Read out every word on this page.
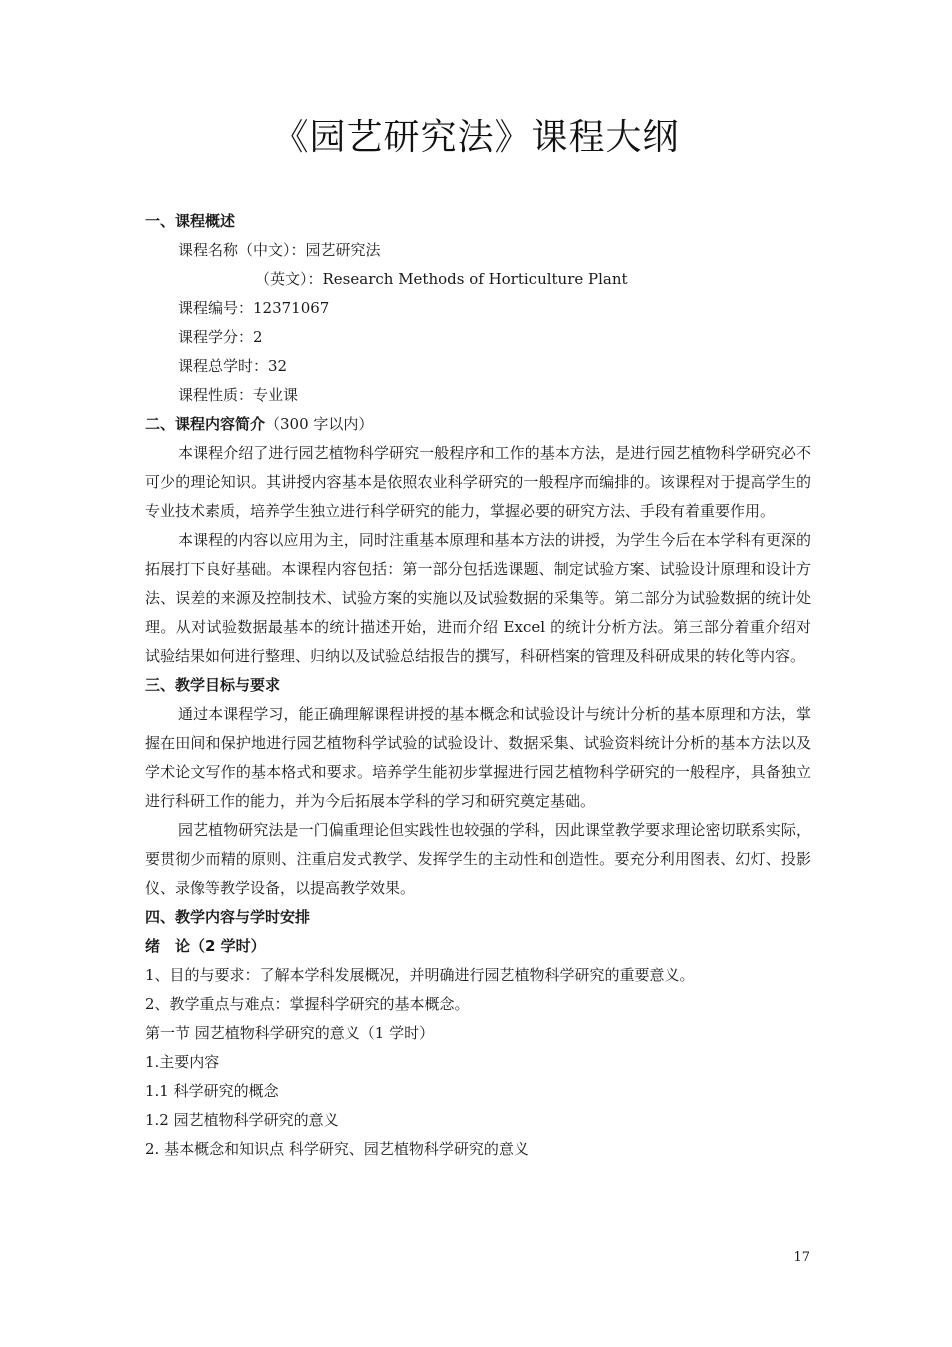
《园艺研究法》课程大纲
一、课程概述
课程名称（中文）：园艺研究法
（英文）：Research Methods of Horticulture Plant
课程编号：12371067
课程学分：2
课程总学时：32
课程性质：专业课
二、课程内容简介（300 字以内）

本课程介绍了进行园艺植物科学研究一般程序和工作的基本方法，是进行园艺植物科学研究必不可少的理论知识。其讲授内容基本是依照农业科学研究的一般程序而编排的。该课程对于提高学生的专业技术素质，培养学生独立进行科学研究的能力，掌握必要的研究方法、手段有着重要作用。

本课程的内容以应用为主，同时注重基本原理和基本方法的讲授，为学生今后在本学科有更深的拓展打下良好基础。本课程内容包括：第一部分包括选课题、制定试验方案、试验设计原理和设计方法、误差的来源及控制技术、试验方案的实施以及试验数据的采集等。第二部分为试验数据的统计处理。从对试验数据最基本的统计描述开始，进而介绍 Excel 的统计分析方法。第三部分着重介绍对试验结果如何进行整理、归纳以及试验总结报告的撰写，科研档案的管理及科研成果的转化等内容。

三、教学目标与要求

通过本课程学习，能正确理解课程讲授的基本概念和试验设计与统计分析的基本原理和方法，掌握在田间和保护地进行园艺植物科学试验的试验设计、数据采集、试验资料统计分析的基本方法以及学术论文写作的基本格式和要求。培养学生能初步掌握进行园艺植物科学研究的一般程序，具备独立进行科研工作的能力，并为今后拓展本学科的学习和研究奠定基础。

园艺植物研究法是一门偏重理论但实践性也较强的学科，因此课堂教学要求理论密切联系实际，要贯彻少而精的原则、注重启发式教学、发挥学生的主动性和创造性。要充分利用图表、幻灯、投影仪、录像等教学设备，以提高教学效果。

四、教学内容与学时安排
绪　论（2 学时）
1、目的与要求：了解本学科发展概况，并明确进行园艺植物科学研究的重要意义。
2、教学重点与难点：掌握科学研究的基本概念。
第一节 园艺植物科学研究的意义（1 学时）
1.主要内容
1.1 科学研究的概念
1.2 园艺植物科学研究的意义
2. 基本概念和知识点 科学研究、园艺植物科学研究的意义
17
